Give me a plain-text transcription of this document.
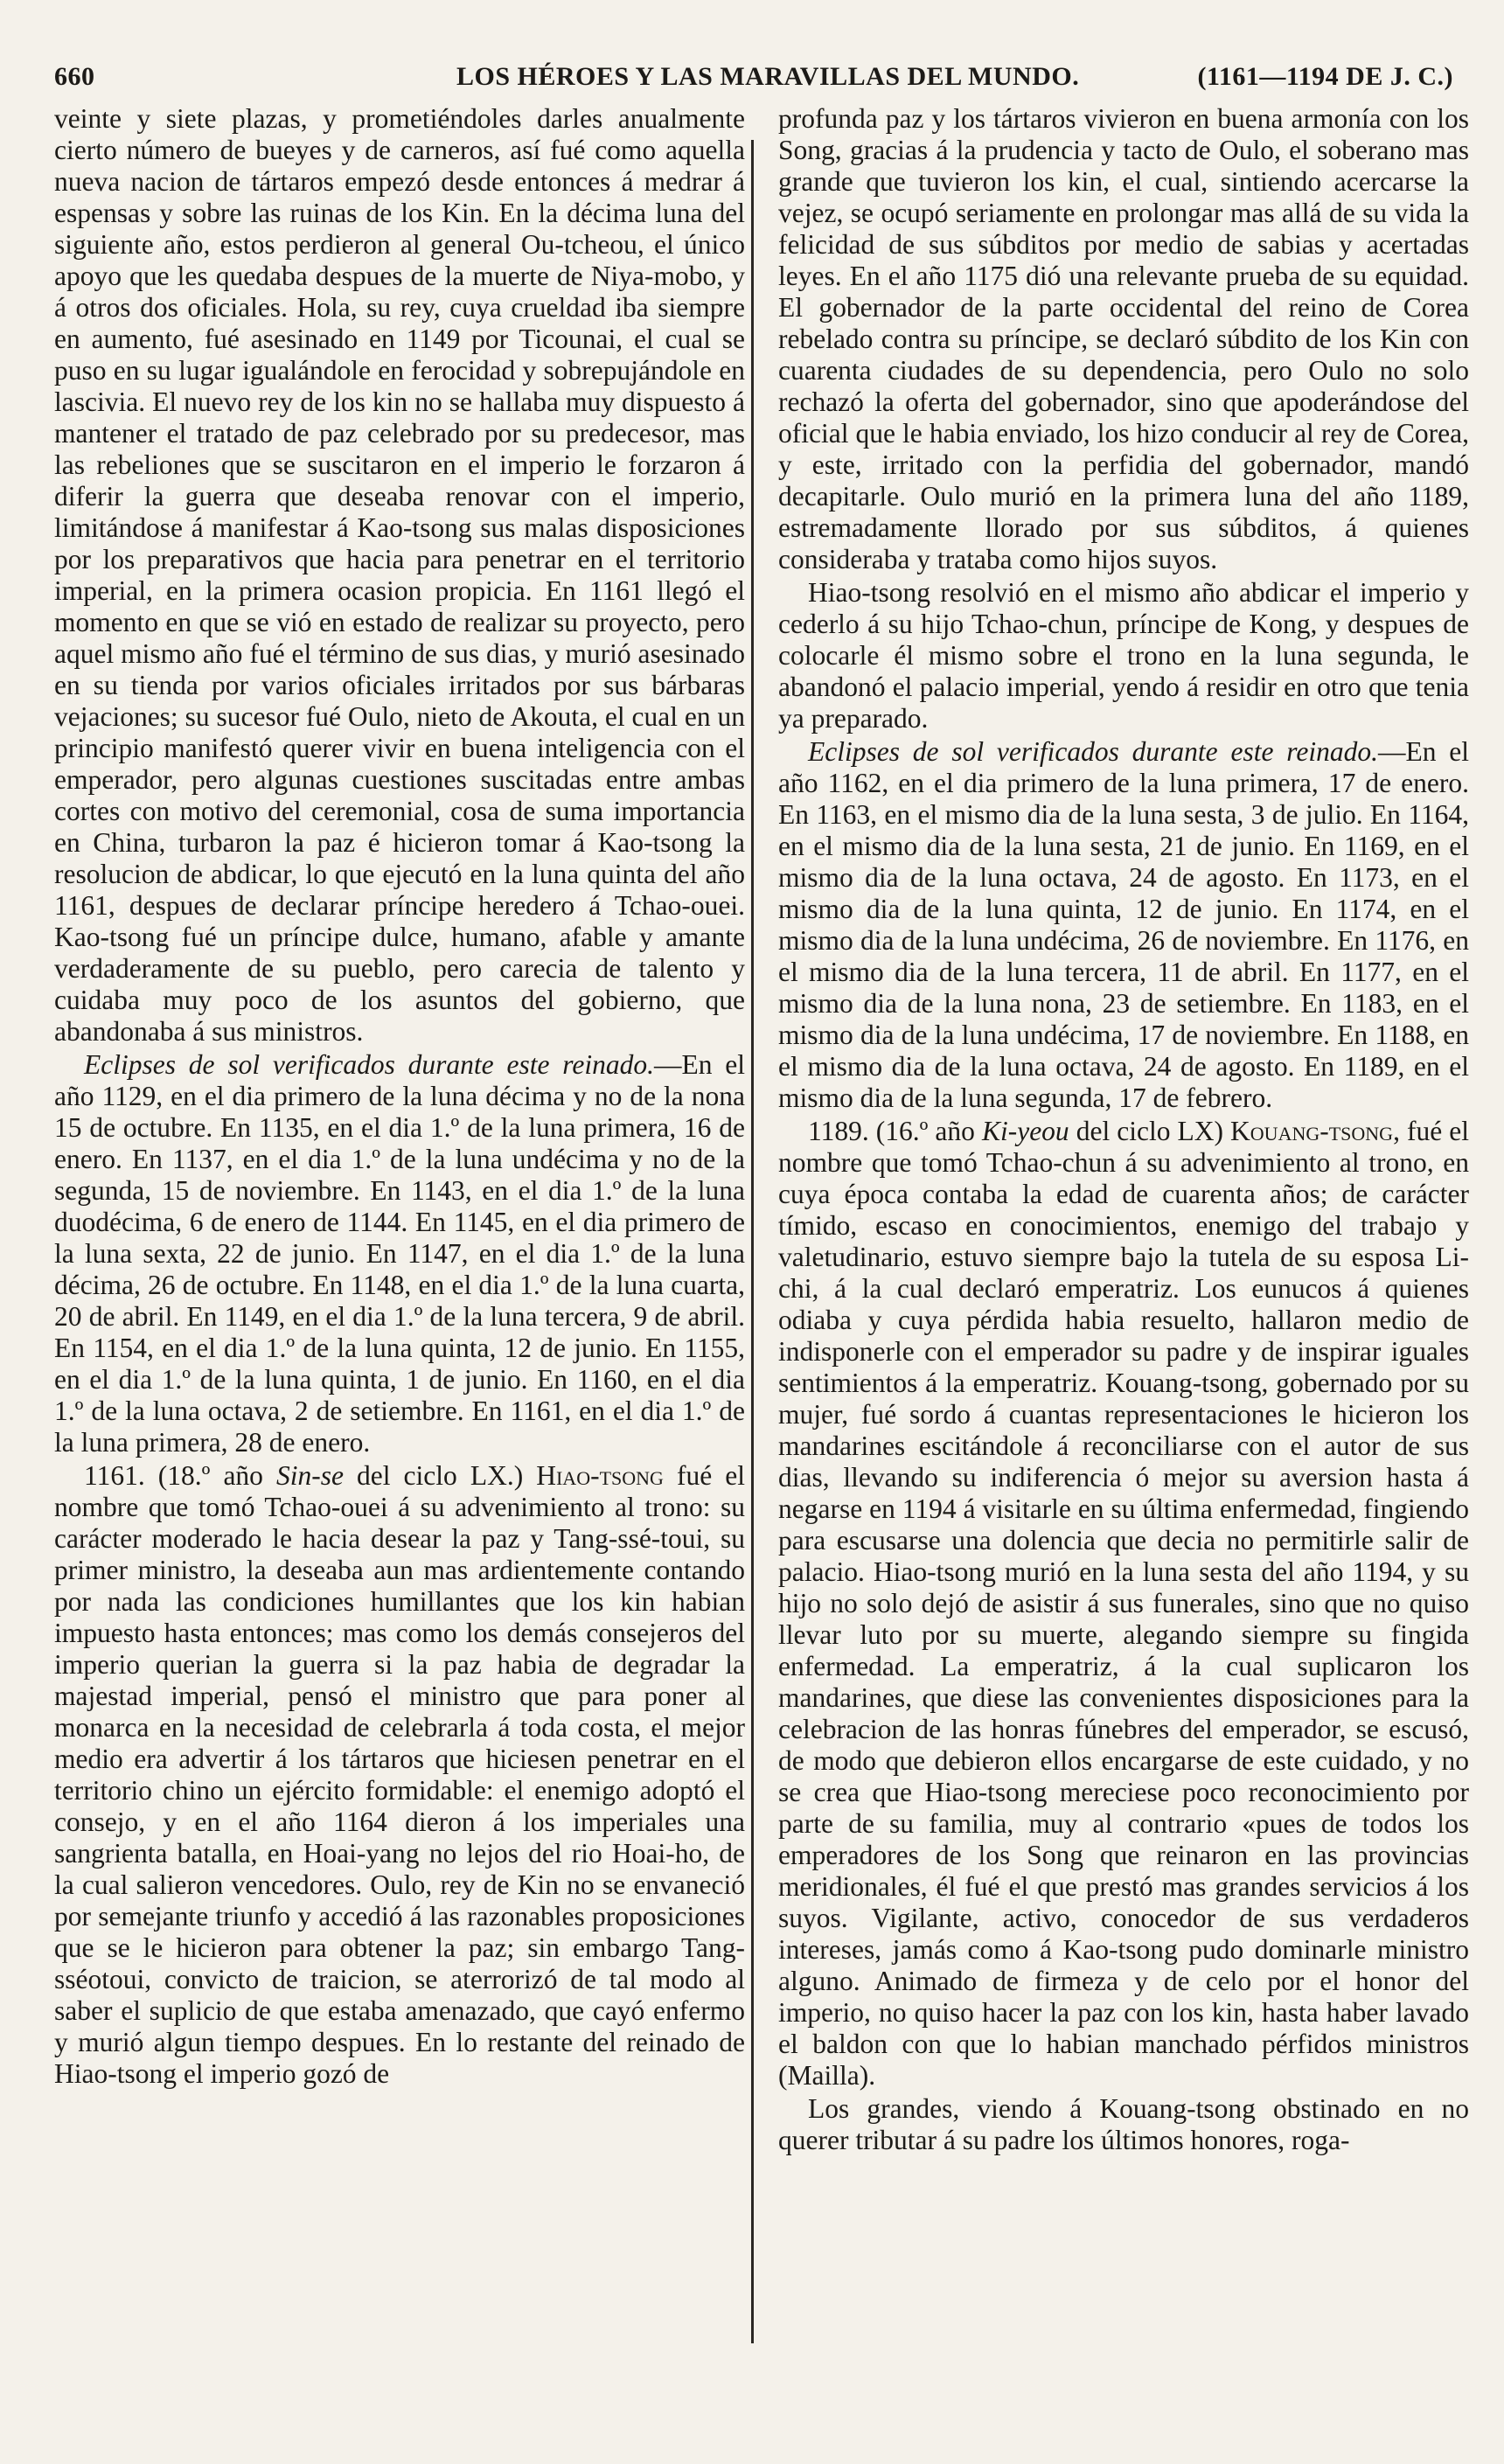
660	LOS HÉROES Y LAS MARAVILLAS DEL MUNDO.	(1161—1194 DE J. C.)

veinte y siete plazas, y prometiéndoles darles anualmente cierto número de bueyes y de carneros, así fué como aquella nueva nacion de tártaros empezó desde entonces á medrar á espensas y sobre las ruinas de los Kin. En la décima luna del siguiente año, estos perdieron al general Ou-tcheou, el único apoyo que les quedaba despues de la muerte de Niya-mobo, y á otros dos oficiales. Hola, su rey, cuya crueldad iba siempre en aumento, fué asesinado en 1149 por Ticounai, el cual se puso en su lugar igualándole en ferocidad y sobrepujándole en lascivia. El nuevo rey de los kin no se hallaba muy dispuesto á mantener el tratado de paz celebrado por su predecesor, mas las rebeliones que se suscitaron en el imperio le forzaron á diferir la guerra que deseaba renovar con el imperio, limitándose á manifestar á Kao-tsong sus malas disposiciones por los preparativos que hacia para penetrar en el territorio imperial, en la primera ocasion propicia. En 1161 llegó el momento en que se vió en estado de realizar su proyecto, pero aquel mismo año fué el término de sus dias, y murió asesinado en su tienda por varios oficiales irritados por sus bárbaras vejaciones; su sucesor fué Oulo, nieto de Akouta, el cual en un principio manifestó querer vivir en buena inteligencia con el emperador, pero algunas cuestiones suscitadas entre ambas cortes con motivo del ceremonial, cosa de suma importancia en China, turbaron la paz é hicieron tomar á Kao-tsong la resolucion de abdicar, lo que ejecutó en la luna quinta del año 1161, despues de declarar príncipe heredero á Tchao-ouei. Kao-tsong fué un príncipe dulce, humano, afable y amante verdaderamente de su pueblo, pero carecia de talento y cuidaba muy poco de los asuntos del gobierno, que abandonaba á sus ministros.

Eclipses de sol verificados durante este reinado.—En el año 1129, en el dia primero de la luna décima y no de la nona 15 de octubre. En 1135, en el dia 1.º de la luna primera, 16 de enero. En 1137, en el dia 1.º de la luna undécima y no de la segunda, 15 de noviembre. En 1143, en el dia 1.º de la luna duodécima, 6 de enero de 1144. En 1145, en el dia primero de la luna sexta, 22 de junio. En 1147, en el dia 1.º de la luna décima, 26 de octubre. En 1148, en el dia 1.º de la luna cuarta, 20 de abril. En 1149, en el dia 1.º de la luna tercera, 9 de abril. En 1154, en el dia 1.º de la luna quinta, 12 de junio. En 1155, en el dia 1.º de la luna quinta, 1 de junio. En 1160, en el dia 1.º de la luna octava, 2 de setiembre. En 1161, en el dia 1.º de la luna primera, 28 de enero.

1161. (18.º año Sin-se del ciclo LX.) Hiao-tsong fué el nombre que tomó Tchao-ouei á su advenimiento al trono: su carácter moderado le hacia desear la paz y Tang-ssé-toui, su primer ministro, la deseaba aun mas ardientemente contando por nada las condiciones humillantes que los kin habian impuesto hasta entonces; mas como los demás consejeros del imperio querian la guerra si la paz habia de degradar la majestad imperial, pensó el ministro que para poner al monarca en la necesidad de celebrarla á toda costa, el mejor medio era advertir á los tártaros que hiciesen penetrar en el territorio chino un ejército formidable: el enemigo adoptó el consejo, y en el año 1164 dieron á los imperiales una sangrienta batalla, en Hoai-yang no lejos del rio Hoai-ho, de la cual salieron vencedores. Oulo, rey de Kin no se envaneció por semejante triunfo y accedió á las razonables proposiciones que se le hicieron para obtener la paz; sin embargo Tang-sséotoui, convicto de traicion, se aterrorizó de tal modo al saber el suplicio de que estaba amenazado, que cayó enfermo y murió algun tiempo despues. En lo restante del reinado de Hiao-tsong el imperio gozó de

profunda paz y los tártaros vivieron en buena armonía con los Song, gracias á la prudencia y tacto de Oulo, el soberano mas grande que tuvieron los kin, el cual, sintiendo acercarse la vejez, se ocupó seriamente en prolongar mas allá de su vida la felicidad de sus súbditos por medio de sabias y acertadas leyes. En el año 1175 dió una relevante prueba de su equidad. El gobernador de la parte occidental del reino de Corea rebelado contra su príncipe, se declaró súbdito de los Kin con cuarenta ciudades de su dependencia, pero Oulo no solo rechazó la oferta del gobernador, sino que apoderándose del oficial que le habia enviado, los hizo conducir al rey de Corea, y este, irritado con la perfidia del gobernador, mandó decapitarle. Oulo murió en la primera luna del año 1189, estremadamente llorado por sus súbditos, á quienes consideraba y trataba como hijos suyos.

Hiao-tsong resolvió en el mismo año abdicar el imperio y cederlo á su hijo Tchao-chun, príncipe de Kong, y despues de colocarle él mismo sobre el trono en la luna segunda, le abandonó el palacio imperial, yendo á residir en otro que tenia ya preparado.

Eclipses de sol verificados durante este reinado.—En el año 1162, en el dia primero de la luna primera, 17 de enero. En 1163, en el mismo dia de la luna sesta, 3 de julio. En 1164, en el mismo dia de la luna sesta, 21 de junio. En 1169, en el mismo dia de la luna octava, 24 de agosto. En 1173, en el mismo dia de la luna quinta, 12 de junio. En 1174, en el mismo dia de la luna undécima, 26 de noviembre. En 1176, en el mismo dia de la luna tercera, 11 de abril. En 1177, en el mismo dia de la luna nona, 23 de setiembre. En 1183, en el mismo dia de la luna undécima, 17 de noviembre. En 1188, en el mismo dia de la luna octava, 24 de agosto. En 1189, en el mismo dia de la luna segunda, 17 de febrero.

1189. (16.º año Ki-yeou del ciclo LX) Kouang-tsong, fué el nombre que tomó Tchao-chun á su advenimiento al trono, en cuya época contaba la edad de cuarenta años; de carácter tímido, escaso en conocimientos, enemigo del trabajo y valetudinario, estuvo siempre bajo la tutela de su esposa Li-chi, á la cual declaró emperatriz. Los eunucos á quienes odiaba y cuya pérdida habia resuelto, hallaron medio de indisponerle con el emperador su padre y de inspirar iguales sentimientos á la emperatriz. Kouang-tsong, gobernado por su mujer, fué sordo á cuantas representaciones le hicieron los mandarines escitándole á reconciliarse con el autor de sus dias, llevando su indiferencia ó mejor su aversion hasta á negarse en 1194 á visitarle en su última enfermedad, fingiendo para escusarse una dolencia que decia no permitirle salir de palacio. Hiao-tsong murió en la luna sesta del año 1194, y su hijo no solo dejó de asistir á sus funerales, sino que no quiso llevar luto por su muerte, alegando siempre su fingida enfermedad. La emperatriz, á la cual suplicaron los mandarines, que diese las convenientes disposiciones para la celebracion de las honras fúnebres del emperador, se escusó, de modo que debieron ellos encargarse de este cuidado, y no se crea que Hiao-tsong mereciese poco reconocimiento por parte de su familia, muy al contrario «pues de todos los emperadores de los Song que reinaron en las provincias meridionales, él fué el que prestó mas grandes servicios á los suyos. Vigilante, activo, conocedor de sus verdaderos intereses, jamás como á Kao-tsong pudo dominarle ministro alguno. Animado de firmeza y de celo por el honor del imperio, no quiso hacer la paz con los kin, hasta haber lavado el baldon con que lo habian manchado pérfidos ministros (Mailla).

Los grandes, viendo á Kouang-tsong obstinado en no querer tributar á su padre los últimos honores, roga-
